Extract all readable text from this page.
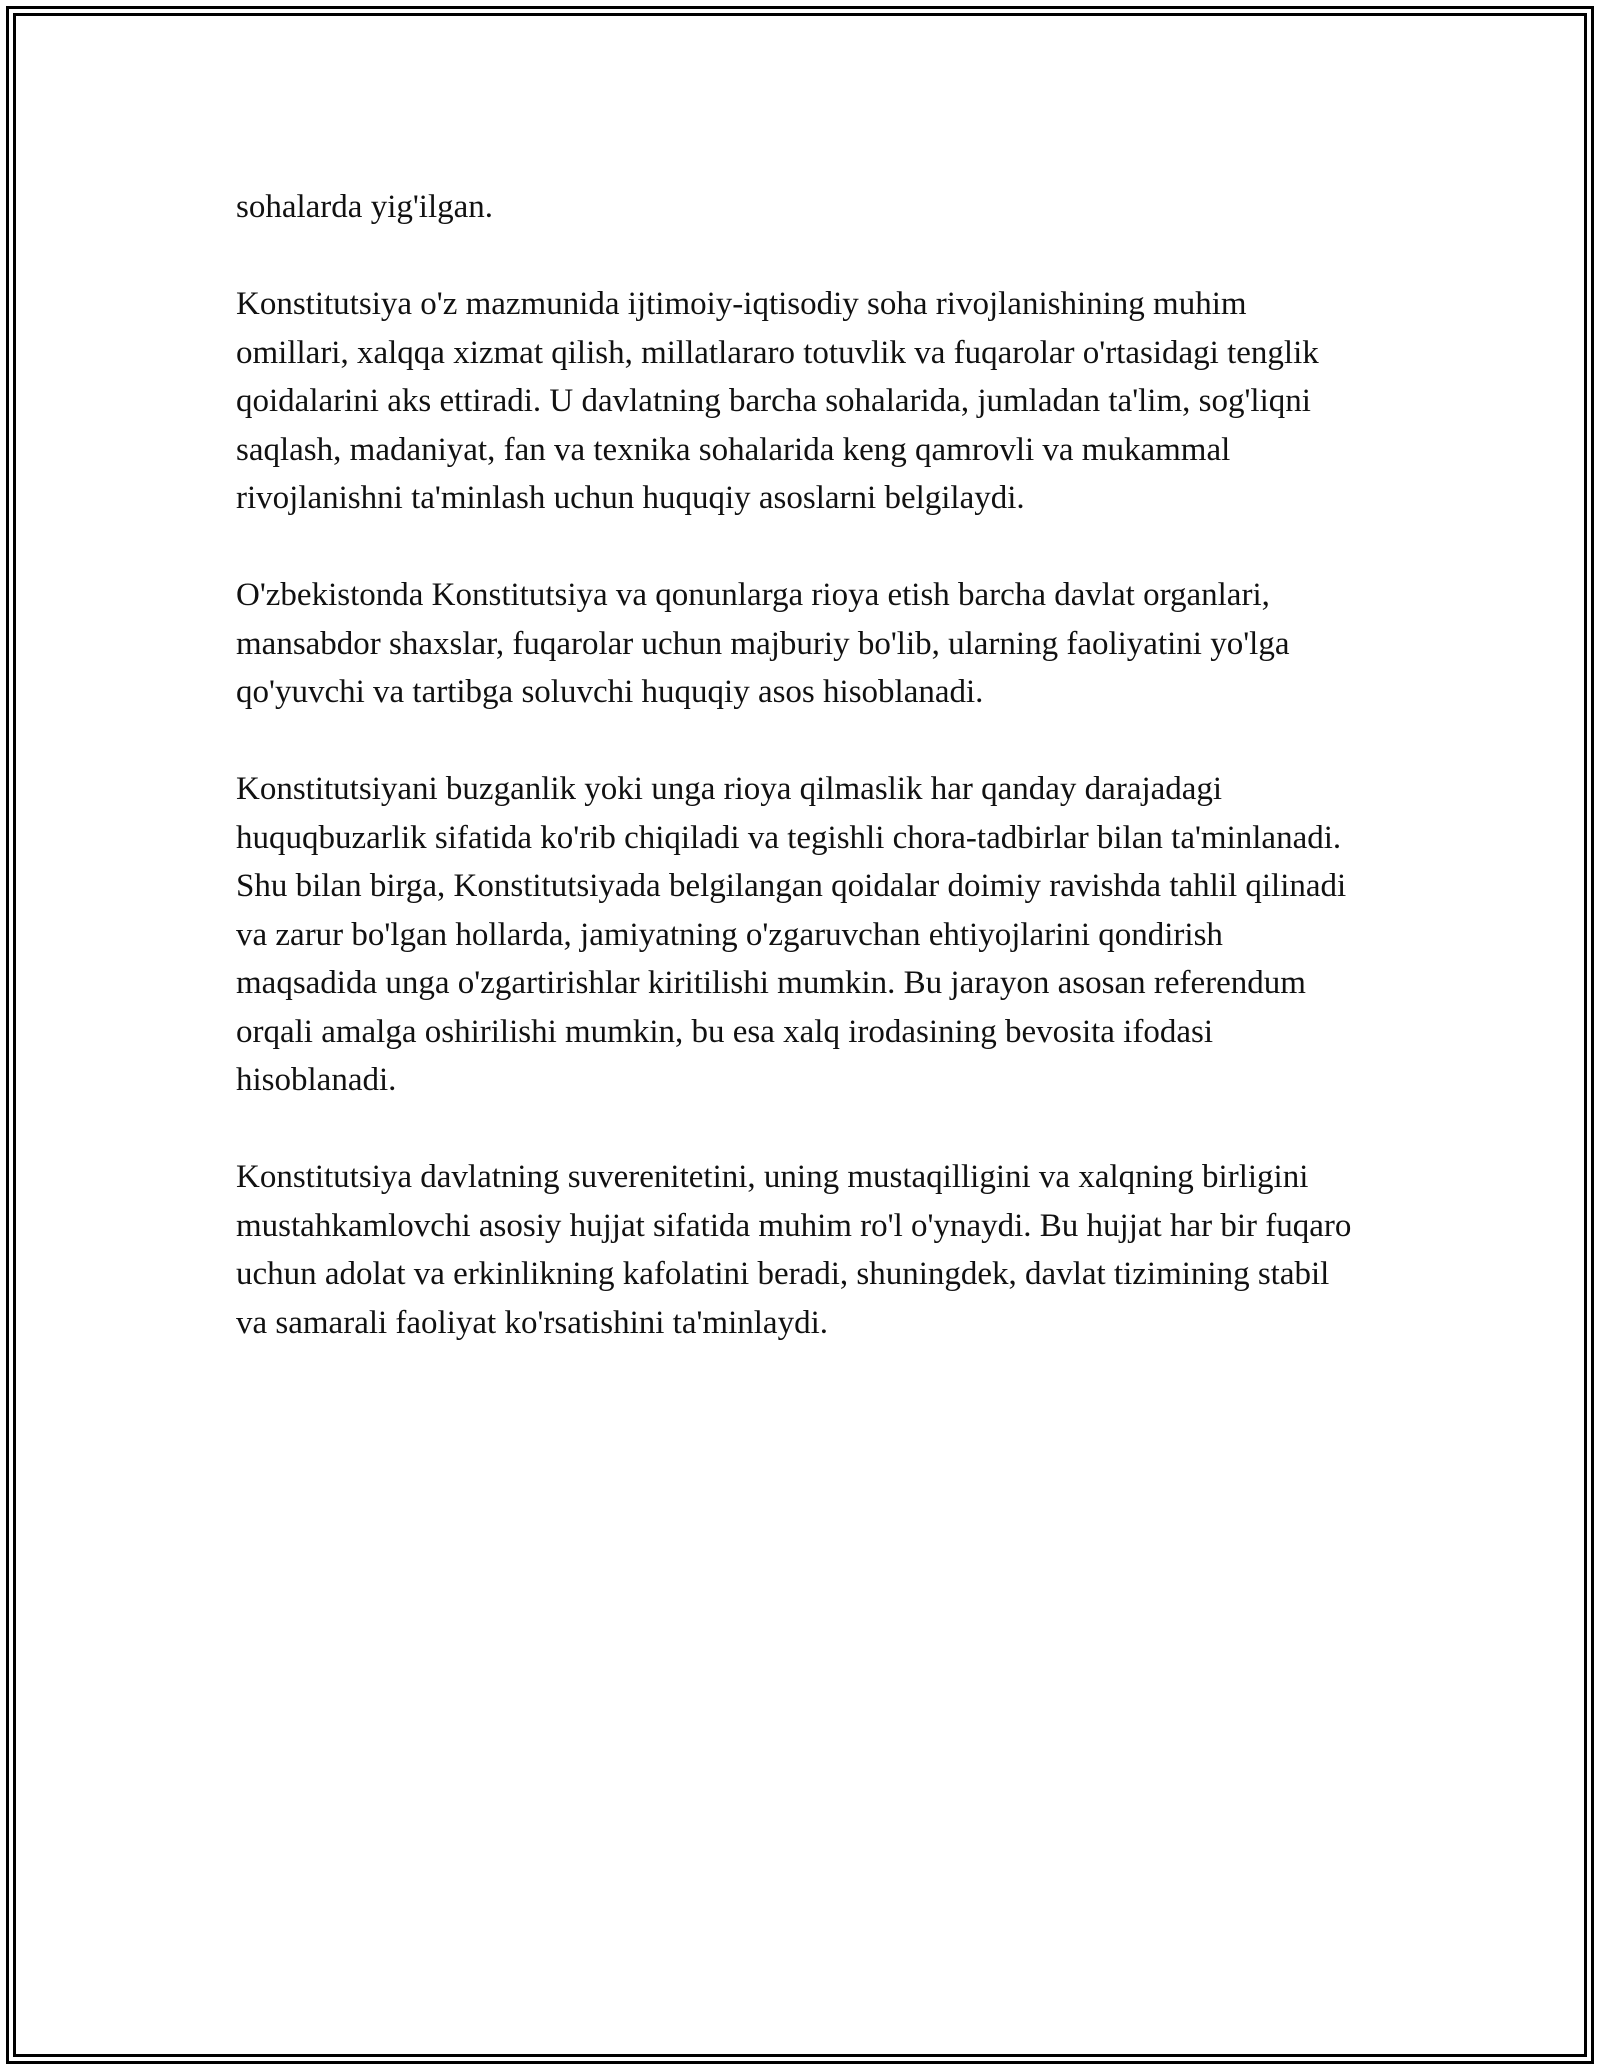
sohalarda yig'ilgan.

Konstitutsiya o'z mazmunida ijtimoiy-iqtisodiy soha rivojlanishining muhim omillari, xalqqa xizmat qilish, millatlararo totuvlik va fuqarolar o'rtasidagi tenglik qoidalarini aks ettiradi. U davlatning barcha sohalarida, jumladan ta'lim, sog'liqni saqlash, madaniyat, fan va texnika sohalarida keng qamrovli va mukammal rivojlanishni ta'minlash uchun huquqiy asoslarni belgilaydi.

O'zbekistonda Konstitutsiya va qonunlarga rioya etish barcha davlat organlari, mansabdor shaxslar, fuqarolar uchun majburiy bo'lib, ularning faoliyatini yo'lga qo'yuvchi va tartibga soluvchi huquqiy asos hisoblanadi.

Konstitutsiyani buzganlik yoki unga rioya qilmaslik har qanday darajadagi huquqbuzarlik sifatida ko'rib chiqiladi va tegishli chora-tadbirlar bilan ta'minlanadi. Shu bilan birga, Konstitutsiyada belgilangan qoidalar doimiy ravishda tahlil qilinadi va zarur bo'lgan hollarda, jamiyatning o'zgaruvchan ehtiyojlarini qondirish maqsadida unga o'zgartirishlar kiritilishi mumkin. Bu jarayon asosan referendum orqali amalga oshirilishi mumkin, bu esa xalq irodasining bevosita ifodasi hisoblanadi.

Konstitutsiya davlatning suverenitetini, uning mustaqilligini va xalqning birligini mustahkamlovchi asosiy hujjat sifatida muhim ro'l o'ynaydi. Bu hujjat har bir fuqaro uchun adolat va erkinlikning kafolatini beradi, shuningdek, davlat tizimining stabil va samarali faoliyat ko'rsatishini ta'minlaydi.
